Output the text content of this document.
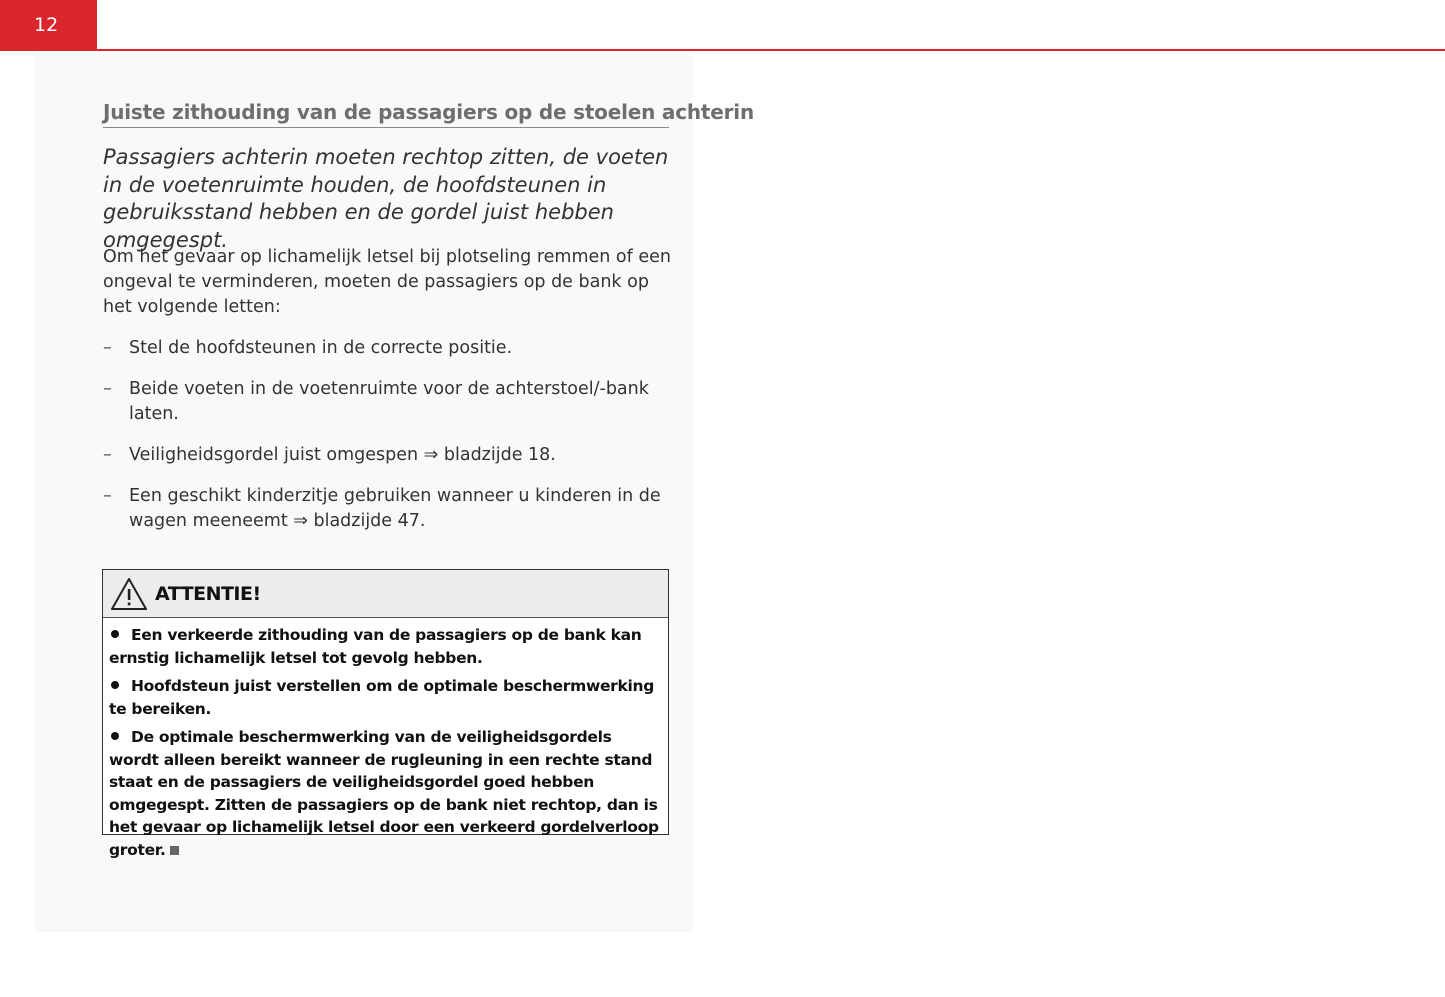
12
Juiste zithouding van de passagiers op de stoelen achterin

Passagiers achterin moeten rechtop zitten, de voeten in de voetenruimte houden, de hoofdsteunen in gebruiksstand hebben en de gordel juist hebben omgegespt.

Om het gevaar op lichamelijk letsel bij plotseling remmen of een ongeval te verminderen, moeten de passagiers op de bank op het volgende letten:

– Stel de hoofdsteunen in de correcte positie.
– Beide voeten in de voetenruimte voor de achterstoel/-bank laten.
– Veiligheidsgordel juist omgespen ⇒ bladzijde 18.
– Een geschikt kinderzitje gebruiken wanneer u kinderen in de wagen meeneemt ⇒ bladzijde 47.
ATTENTIE!
Een verkeerde zithouding van de passagiers op de bank kan ernstig lichamelijk letsel tot gevolg hebben.
Hoofdsteun juist verstellen om de optimale beschermwerking te bereiken.
De optimale beschermwerking van de veiligheidsgordels wordt alleen bereikt wanneer de rugleuning in een rechte stand staat en de passagiers de veiligheidsgordel goed hebben omgegespt. Zitten de passagiers op de bank niet rechtop, dan is het gevaar op lichamelijk letsel door een verkeerd gordelverloop groter.
